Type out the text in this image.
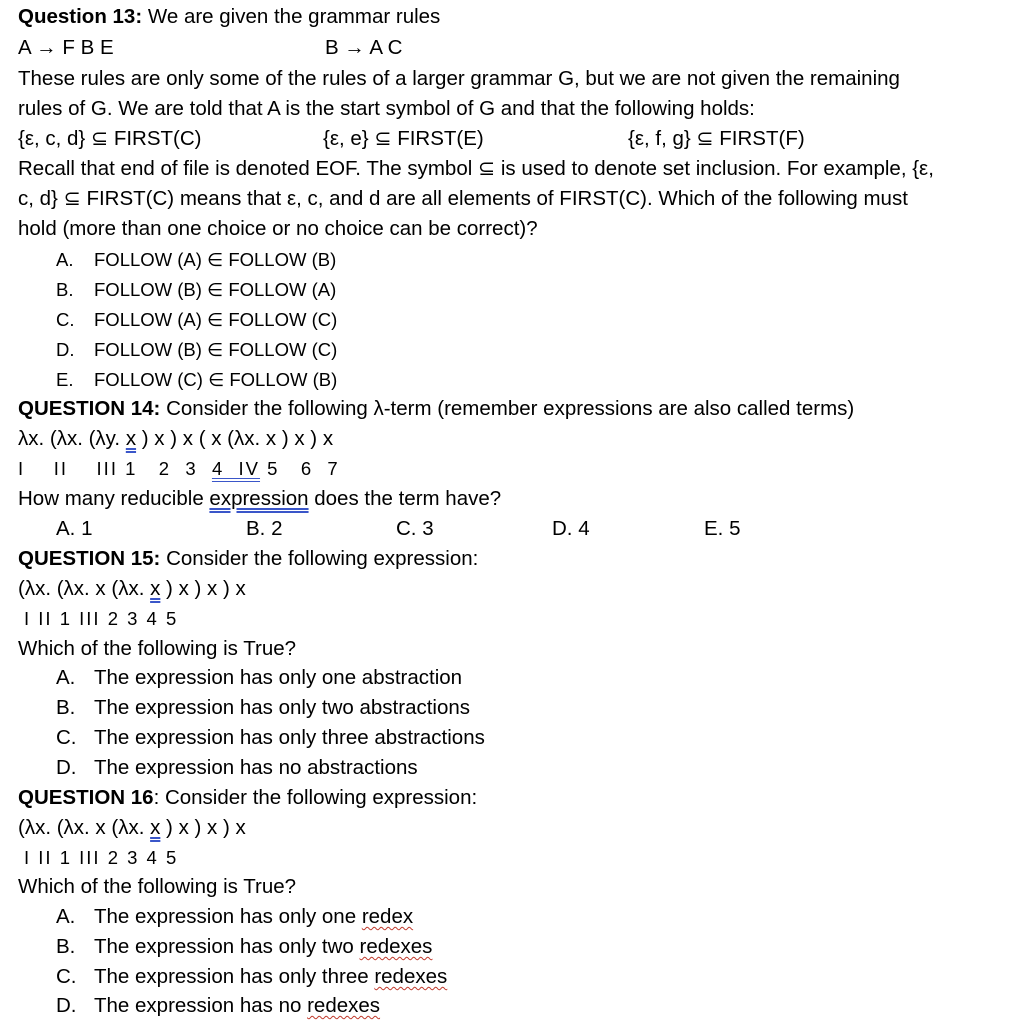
Question 13: We are given the grammar rules
A → F B E	B → A C
These rules are only some of the rules of a larger grammar G, but we are not given the remaining
rules of G. We are told that A is the start symbol of G and that the following holds:
{ε, c, d} ⊆ FIRST(C)	{ε, e} ⊆ FIRST(E)	{ε, f, g} ⊆ FIRST(F)
Recall that end of file is denoted EOF. The symbol ⊆ is used to denote set inclusion. For example, {ε,
c, d} ⊆ FIRST(C) means that ε, c, and d are all elements of FIRST(C). Which of the following must
hold (more than one choice or no choice can be correct)?
A. FOLLOW (A) ∈ FOLLOW (B)
B. FOLLOW (B) ∈ FOLLOW (A)
C. FOLLOW (A) ∈ FOLLOW (C)
D. FOLLOW (B) ∈ FOLLOW (C)
E. FOLLOW (C) ∈ FOLLOW (B)
QUESTION 14: Consider the following λ-term (remember expressions are also called terms)
λx. (λx. (λy. x ) x ) x ( x (λx. x ) x ) x
I    II    III 1   2  3  4  IV 5   6  7
How many reducible expression does the term have?
A. 1	B. 2	C. 3	D. 4	E. 5
QUESTION 15: Consider the following expression:
(λx. (λx. x (λx. x ) x ) x ) x
I II 1 III 2 3 4 5
Which of the following is True?
A. The expression has only one abstraction
B. The expression has only two abstractions
C. The expression has only three abstractions
D. The expression has no abstractions
QUESTION 16: Consider the following expression:
(λx. (λx. x (λx. x ) x ) x ) x
I II 1 III 2 3 4 5
Which of the following is True?
A. The expression has only one redex
B. The expression has only two redexes
C. The expression has only three redexes
D. The expression has no redexes
